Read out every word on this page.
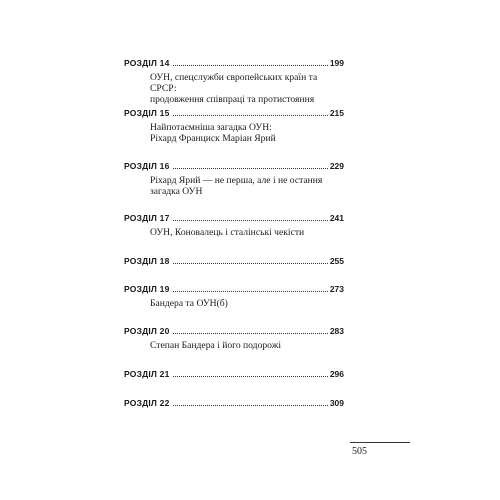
РОЗДІЛ 14	199
ОУН, спецслужби європейських країн та СРСР:
продовження співпраці та протистояння
РОЗДІЛ 15	215
Найпотаємніша загадка ОУН:
Ріхард Франциск Маріан Ярий
РОЗДІЛ 16	229
Ріхард Ярий — не перша, але і не остання
загадка ОУН
РОЗДІЛ 17	241
ОУН, Коновалець і сталінські чекісти
РОЗДІЛ 18	255
РОЗДІЛ 19	273
Бандера та ОУН(б)
РОЗДІЛ 20	283
Степан Бандера і його подорожі
РОЗДІЛ 21	296
РОЗДІЛ 22	309
505
